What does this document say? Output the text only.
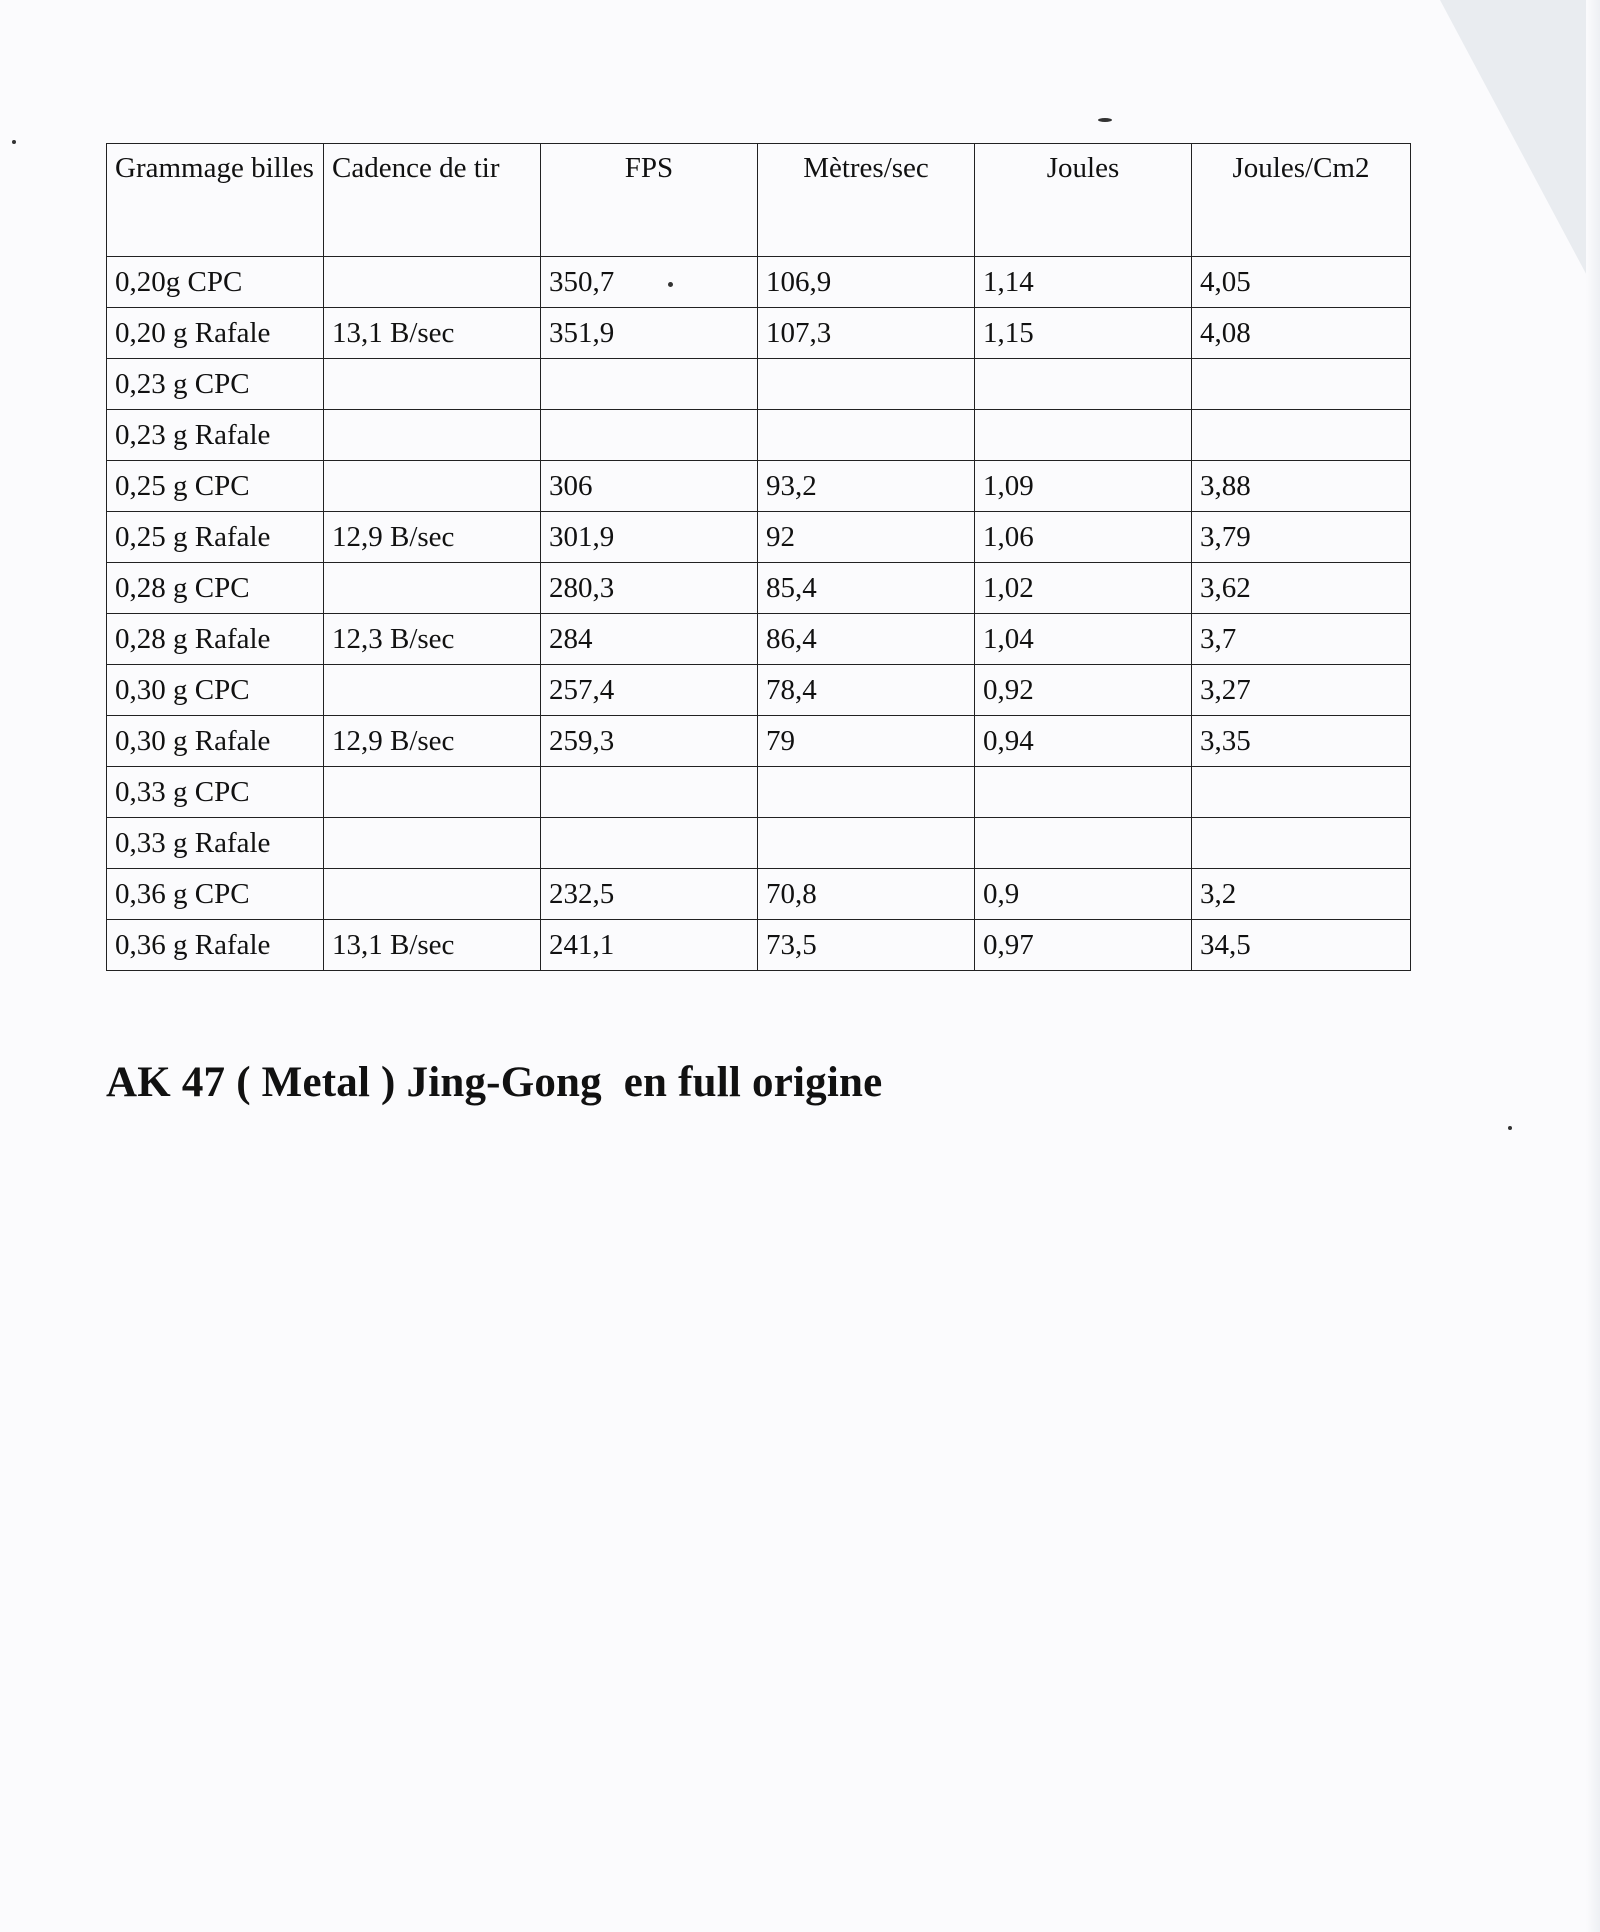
Grammage billes	Cadence de tir	FPS	Mètres/sec	Joules	Joules/Cm2
0,20g CPC		350,7	106,9	1,14	4,05
0,20 g Rafale	13,1 B/sec	351,9	107,3	1,15	4,08
0,23 g CPC					
0,23 g Rafale					
0,25 g CPC		306	93,2	1,09	3,88
0,25 g Rafale	12,9 B/sec	301,9	92	1,06	3,79
0,28 g CPC		280,3	85,4	1,02	3,62
0,28 g Rafale	12,3 B/sec	284	86,4	1,04	3,7
0,30 g CPC		257,4	78,4	0,92	3,27
0,30 g Rafale	12,9 B/sec	259,3	79	0,94	3,35
0,33 g CPC					
0,33 g Rafale					
0,36 g CPC		232,5	70,8	0,9	3,2
0,36 g Rafale	13,1 B/sec	241,1	73,5	0,97	34,5
AK 47 ( Metal ) Jing-Gong  en full origine
